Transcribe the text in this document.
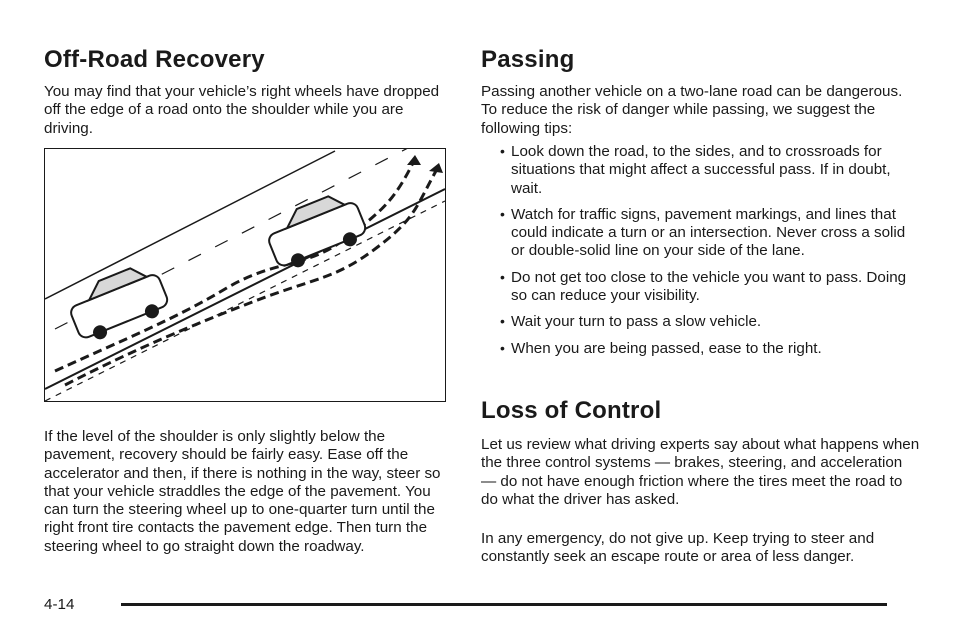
Off-Road Recovery

You may find that your vehicle’s right wheels have dropped off the edge of a road onto the shoulder while you are driving.

If the level of the shoulder is only slightly below the pavement, recovery should be fairly easy. Ease off the accelerator and then, if there is nothing in the way, steer so that your vehicle straddles the edge of the pavement. You can turn the steering wheel up to one-quarter turn until the right front tire contacts the pavement edge. Then turn the steering wheel to go straight down the roadway.

Passing

Passing another vehicle on a two-lane road can be dangerous. To reduce the risk of danger while passing, we suggest the following tips:

• Look down the road, to the sides, and to crossroads for situations that might affect a successful pass. If in doubt, wait.
• Watch for traffic signs, pavement markings, and lines that could indicate a turn or an intersection. Never cross a solid or double-solid line on your side of the lane.
• Do not get too close to the vehicle you want to pass. Doing so can reduce your visibility.
• Wait your turn to pass a slow vehicle.
• When you are being passed, ease to the right.
Loss of Control

Let us review what driving experts say about what happens when the three control systems — brakes, steering, and acceleration — do not have enough friction where the tires meet the road to do what the driver has asked.

In any emergency, do not give up. Keep trying to steer and constantly seek an escape route or area of less danger.

4-14
